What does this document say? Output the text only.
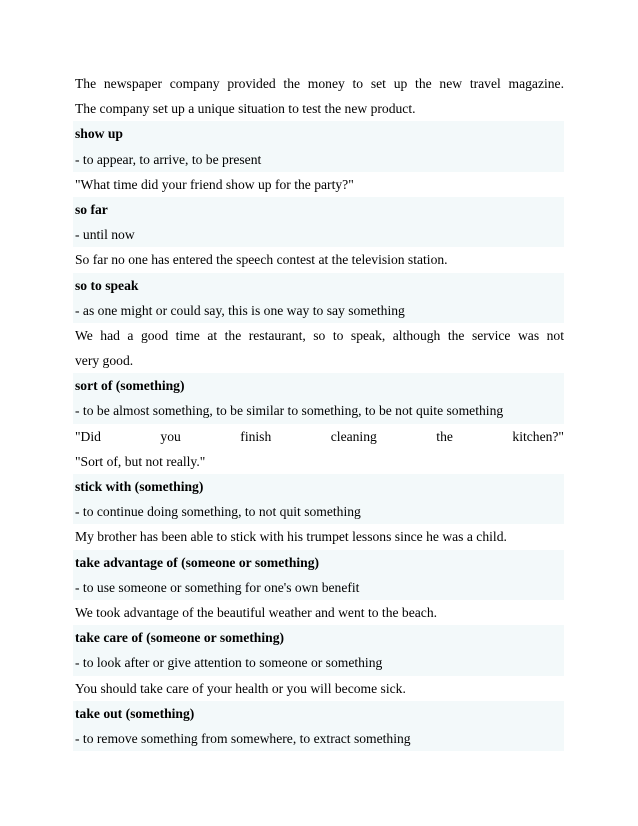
The newspaper company provided the money to set up the new travel magazine.
The company set up a unique situation to test the new product.
show up
- to appear, to arrive, to be present
"What time did your friend show up for the party?"
so far
- until now
So far no one has entered the speech contest at the television station.
so to speak
- as one might or could say, this is one way to say something
We had a good time at the restaurant, so to speak, although the service was not
very good.
sort of (something)
- to be almost something, to be similar to something, to be not quite something
"Did you finish cleaning the kitchen?"
"Sort of, but not really."
stick with (something)
- to continue doing something, to not quit something
My brother has been able to stick with his trumpet lessons since he was a child.
take advantage of (someone or something)
- to use someone or something for one's own benefit
We took advantage of the beautiful weather and went to the beach.
take care of (someone or something)
- to look after or give attention to someone or something
You should take care of your health or you will become sick.
take out (something)
- to remove something from somewhere, to extract something
